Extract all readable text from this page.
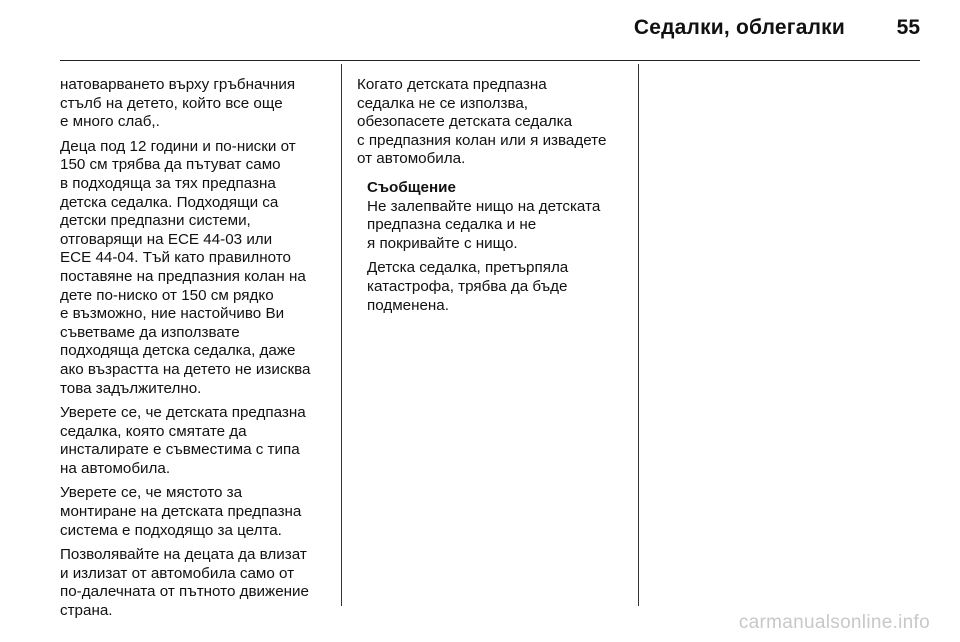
Седалки, облегалки 55

натоварването върху гръбначния
стълб на детето, който все още
е много слаб,.

Деца под 12 години и по-ниски от
150 см трябва да пътуват само
в подходяща за тях предпазна
детска седалка. Подходящи са
детски предпазни системи,
отговарящи на ECE 44-03 или
ECE 44-04. Тъй като правилното
поставяне на предпазния колан на
дете по-ниско от 150 см рядко
е възможно, ние настойчиво Ви
съветваме да използвате
подходяща детска седалка, даже
ако възрастта на детето не изисква
това задължително.

Уверете се, че детската предпазна
седалка, която смятате да
инсталирате е съвместима с типа
на автомобила.

Уверете се, че мястото за
монтиране на детската предпазна
система е подходящо за целта.

Позволявайте на децата да влизат
и излизат от автомобила само от
по-далечната от пътното движение
страна.

Когато детската предпазна
седалка не се използва,
обезопасете детската седалка
с предпазния колан или я извадете
от автомобила.

Съобщение

Не залепвайте нищо на детската
предпазна седалка и не
я покривайте с нищо.

Детска седалка, претърпяла
катастрофа, трябва да бъде
подменена.

carmanualsonline.info
